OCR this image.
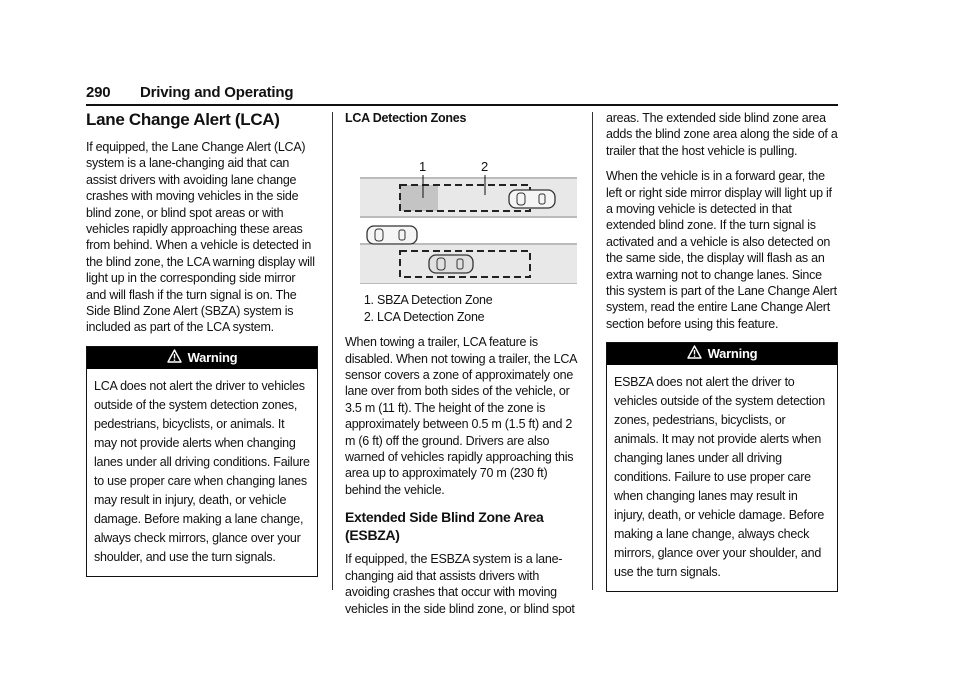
290 Driving and Operating
Lane Change Alert (LCA)

If equipped, the Lane Change Alert (LCA) system is a lane-changing aid that can assist drivers with avoiding lane change crashes with moving vehicles in the side blind zone, or blind spot areas or with vehicles rapidly approaching these areas from behind. When a vehicle is detected in the blind zone, the LCA warning display will light up in the corresponding side mirror and will flash if the turn signal is on. The Side Blind Zone Alert (SBZA) system is included as part of the LCA system.

Warning
LCA does not alert the driver to vehicles outside of the system detection zones, pedestrians, bicyclists, or animals. It may not provide alerts when changing lanes under all driving conditions. Failure to use proper care when changing lanes may result in injury, death, or vehicle damage. Before making a lane change, always check mirrors, glance over your shoulder, and use the turn signals.
LCA Detection Zones
1	2
1. SBZA Detection Zone
2. LCA Detection Zone

When towing a trailer, LCA feature is disabled. When not towing a trailer, the LCA sensor covers a zone of approximately one lane over from both sides of the vehicle, or 3.5 m (11 ft). The height of the zone is approximately between 0.5 m (1.5 ft) and 2 m (6 ft) off the ground. Drivers are also warned of vehicles rapidly approaching this area up to approximately 70 m (230 ft) behind the vehicle.

Extended Side Blind Zone Area (ESBZA)

If equipped, the ESBZA system is a lane-changing aid that assists drivers with avoiding crashes that occur with moving vehicles in the side blind zone, or blind spot

areas. The extended side blind zone area adds the blind zone area along the side of a trailer that the host vehicle is pulling.

When the vehicle is in a forward gear, the left or right side mirror display will light up if a moving vehicle is detected in that extended blind zone. If the turn signal is activated and a vehicle is also detected on the same side, the display will flash as an extra warning not to change lanes. Since this system is part of the Lane Change Alert system, read the entire Lane Change Alert section before using this feature.

Warning
ESBZA does not alert the driver to vehicles outside of the system detection zones, pedestrians, bicyclists, or animals. It may not provide alerts when changing lanes under all driving conditions. Failure to use proper care when changing lanes may result in injury, death, or vehicle damage. Before making a lane change, always check mirrors, glance over your shoulder, and use the turn signals.
